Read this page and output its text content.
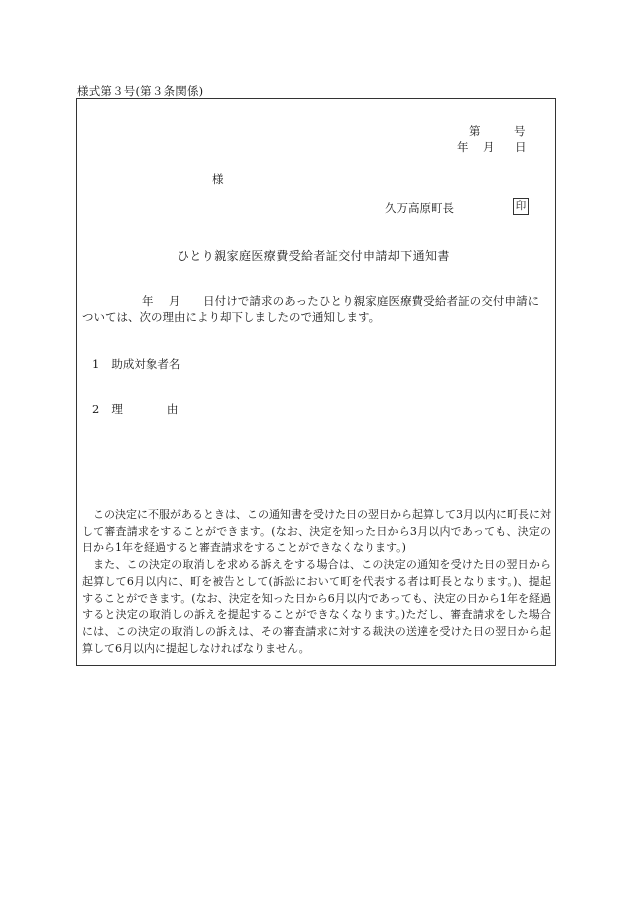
様式第３号(第３条関係)
第	号
年 月 日
様
久万高原町長	印
ひとり親家庭医療費受給者証交付申請却下通知書
年 月 日付けで請求のあったひとり親家庭医療費受給者証の交付申請に
ついては、次の理由により却下しましたので通知します。
1 助成対象者名
2 理	由

この決定に不服があるときは、この通知書を受けた日の翌日から起算して3月以内に町長に対して審査請求をすることができます。(なお、決定を知った日から3月以内であっても、決定の日から1年を経過すると審査請求をすることができなくなります。)

また、この決定の取消しを求める訴えをする場合は、この決定の通知を受けた日の翌日から起算して6月以内に、町を被告として(訴訟において町を代表する者は町長となります。)、提起することができます。(なお、決定を知った日から6月以内であっても、決定の日から1年を経過すると決定の取消しの訴えを提起することができなくなります。)ただし、審査請求をした場合には、この決定の取消しの訴えは、その審査請求に対する裁決の送達を受けた日の翌日から起算して6月以内に提起しなければなりません。
